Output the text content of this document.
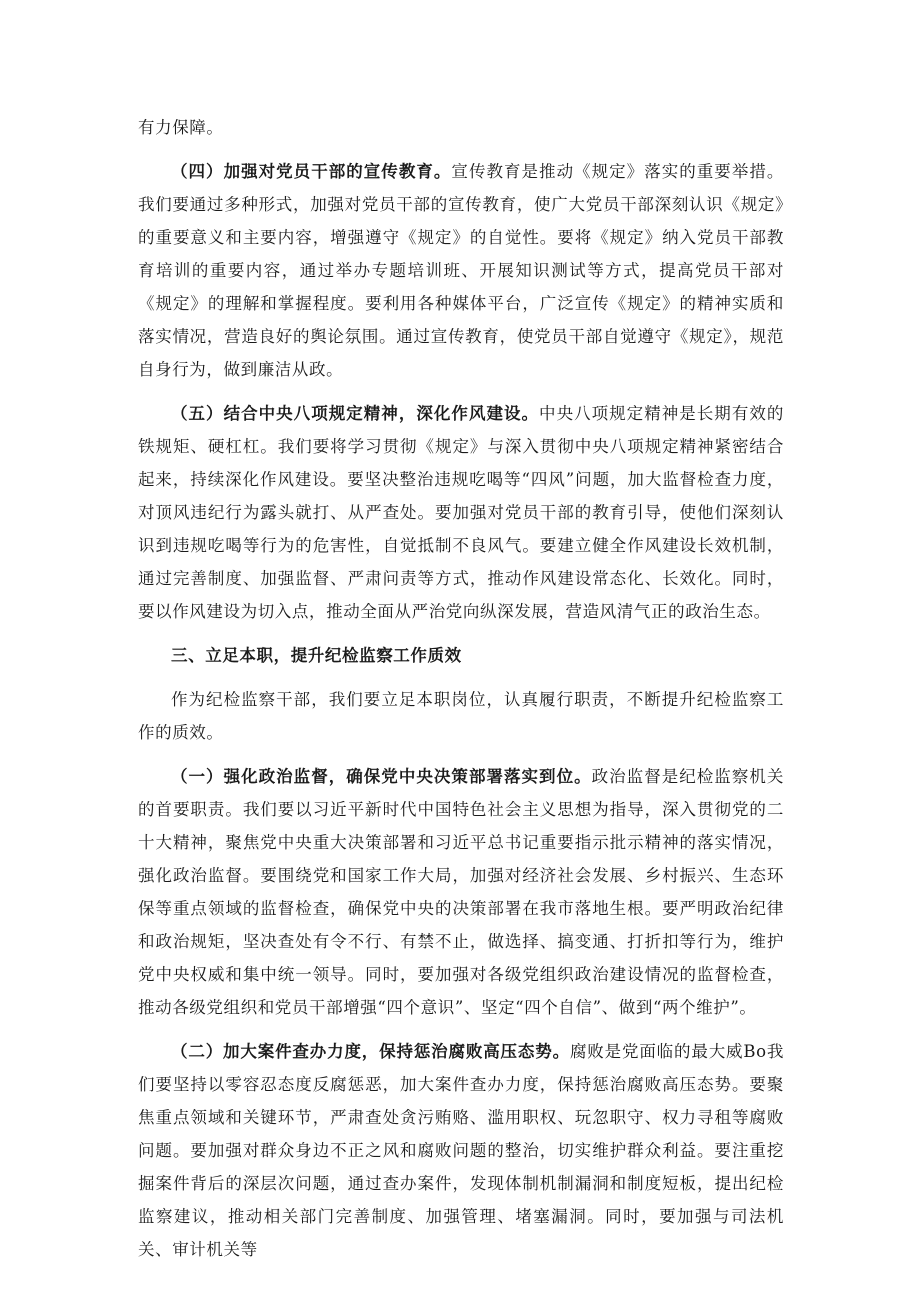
有力保障。

（四）加强对党员干部的宣传教育。宣传教育是推动《规定》落实的重要举措。我们要通过多种形式，加强对党员干部的宣传教育，使广大党员干部深刻认识《规定》的重要意义和主要内容，增强遵守《规定》的自觉性。要将《规定》纳入党员干部教育培训的重要内容，通过举办专题培训班、开展知识测试等方式，提高党员干部对《规定》的理解和掌握程度。要利用各种媒体平台，广泛宣传《规定》的精神实质和落实情况，营造良好的舆论氛围。通过宣传教育，使党员干部自觉遵守《规定》，规范自身行为，做到廉洁从政。

（五）结合中央八项规定精神，深化作风建设。中央八项规定精神是长期有效的铁规矩、硬杠杠。我们要将学习贯彻《规定》与深入贯彻中央八项规定精神紧密结合起来，持续深化作风建设。要坚决整治违规吃喝等“四风”问题，加大监督检查力度，对顶风违纪行为露头就打、从严查处。要加强对党员干部的教育引导，使他们深刻认识到违规吃喝等行为的危害性，自觉抵制不良风气。要建立健全作风建设长效机制，通过完善制度、加强监督、严肃问责等方式，推动作风建设常态化、长效化。同时，要以作风建设为切入点，推动全面从严治党向纵深发展，营造风清气正的政治生态。

三、立足本职，提升纪检监察工作质效

作为纪检监察干部，我们要立足本职岗位，认真履行职责，不断提升纪检监察工作的质效。

（一）强化政治监督，确保党中央决策部署落实到位。政治监督是纪检监察机关的首要职责。我们要以习近平新时代中国特色社会主义思想为指导，深入贯彻党的二十大精神，聚焦党中央重大决策部署和习近平总书记重要指示批示精神的落实情况，强化政治监督。要围绕党和国家工作大局，加强对经济社会发展、乡村振兴、生态环保等重点领域的监督检查，确保党中央的决策部署在我市落地生根。要严明政治纪律和政治规矩，坚决查处有令不行、有禁不止，做选择、搞变通、打折扣等行为，维护党中央权威和集中统一领导。同时，要加强对各级党组织政治建设情况的监督检查，推动各级党组织和党员干部增强“四个意识”、坚定“四个自信”、做到“两个维护”。

（二）加大案件查办力度，保持惩治腐败高压态势。腐败是党面临的最大威Bo我们要坚持以零容忍态度反腐惩恶，加大案件查办力度，保持惩治腐败高压态势。要聚焦重点领域和关键环节，严肃查处贪污贿赂、滥用职权、玩忽职守、权力寻租等腐败问题。要加强对群众身边不正之风和腐败问题的整治，切实维护群众利益。要注重挖掘案件背后的深层次问题，通过查办案件，发现体制机制漏洞和制度短板，提出纪检监察建议，推动相关部门完善制度、加强管理、堵塞漏洞。同时，要加强与司法机关、审计机关等
